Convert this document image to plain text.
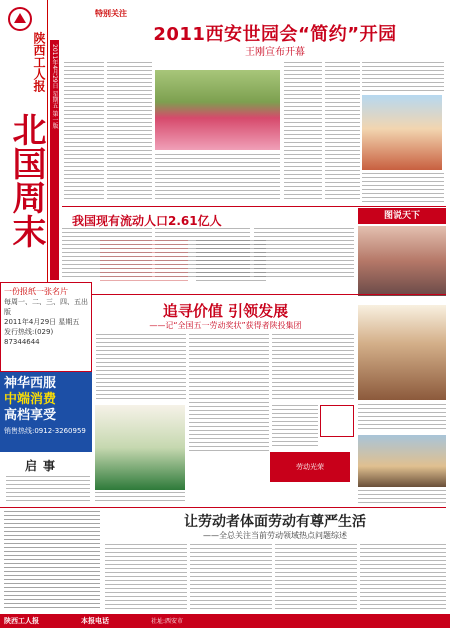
陕西工人报
北国周末
2011年4月29日 星期五 第一版
特别关注
2011西安世园会“简约”开园
王刚宣布开幕
我国现有流动人口2.61亿人	图说天下
一份报纸一张名片
每周一、二、三、四、五出版
2011年4月29日 星期五
发行热线:(029) 87344644
神华西服
中端消费
高档享受
销售热线:0912-3260959
启事
追寻价值 引领发展
——记“全国五一劳动奖状”获得者陕投集团
劳动光荣
让劳动者体面劳动有尊严生活
——全总关注当前劳动领域热点问题综述
陕西工人报	本报电话	社址:西安市
